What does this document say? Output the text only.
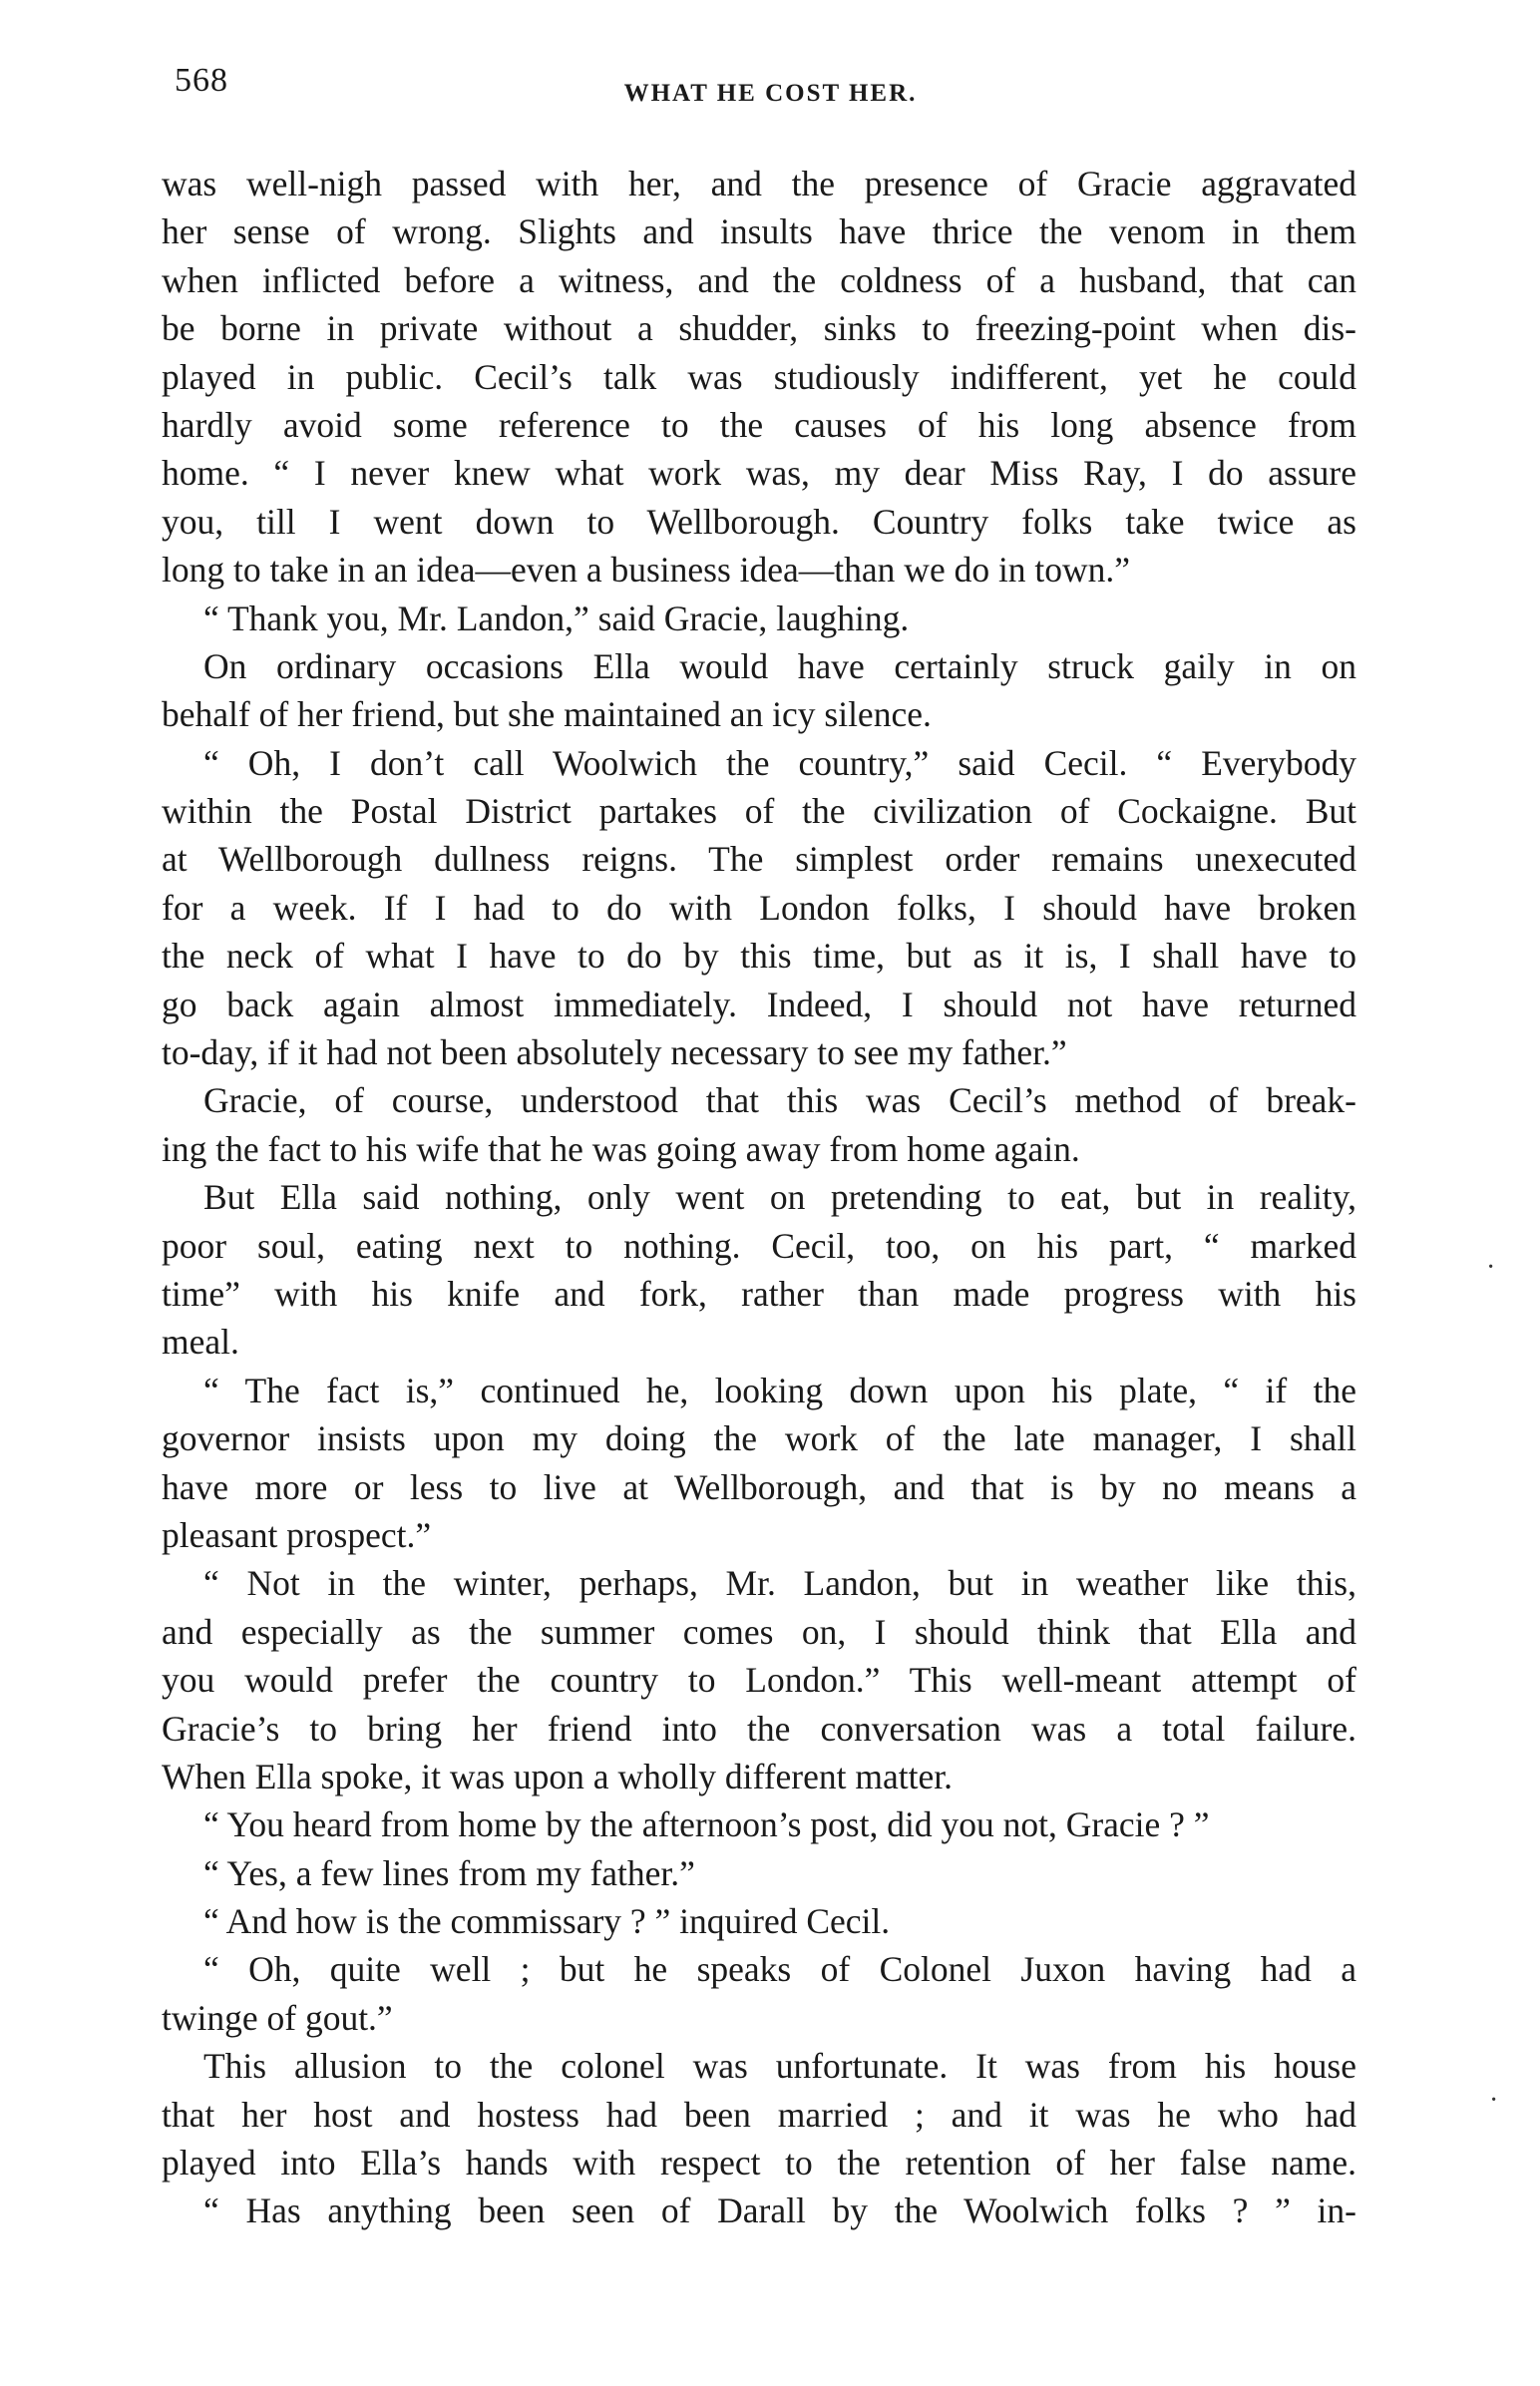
568	WHAT HE COST HER.
was well-nigh passed with her, and the presence of Gracie aggravated
her sense of wrong. Slights and insults have thrice the venom in them
when inflicted before a witness, and the coldness of a husband, that can
be borne in private without a shudder, sinks to freezing-point when dis-
played in public. Cecil’s talk was studiously indifferent, yet he could
hardly avoid some reference to the causes of his long absence from
home. “ I never knew what work was, my dear Miss Ray, I do assure
you, till I went down to Wellborough. Country folks take twice as
long to take in an idea—even a business idea—than we do in town.”
“ Thank you, Mr. Landon,” said Gracie, laughing.
On ordinary occasions Ella would have certainly struck gaily in on
behalf of her friend, but she maintained an icy silence.
“ Oh, I don’t call Woolwich the country,” said Cecil. “ Everybody
within the Postal District partakes of the civilization of Cockaigne. But
at Wellborough dullness reigns. The simplest order remains unexecuted
for a week. If I had to do with London folks, I should have broken
the neck of what I have to do by this time, but as it is, I shall have to
go back again almost immediately. Indeed, I should not have returned
to-day, if it had not been absolutely necessary to see my father.”
Gracie, of course, understood that this was Cecil’s method of break-
ing the fact to his wife that he was going away from home again.
But Ella said nothing, only went on pretending to eat, but in reality,
poor soul, eating next to nothing. Cecil, too, on his part, “ marked
time” with his knife and fork, rather than made progress with his
meal.
“ The fact is,” continued he, looking down upon his plate, “ if the
governor insists upon my doing the work of the late manager, I shall
have more or less to live at Wellborough, and that is by no means a
pleasant prospect.”
“ Not in the winter, perhaps, Mr. Landon, but in weather like this,
and especially as the summer comes on, I should think that Ella and
you would prefer the country to London.” This well-meant attempt of
Gracie’s to bring her friend into the conversation was a total failure.
When Ella spoke, it was upon a wholly different matter.
“ You heard from home by the afternoon’s post, did you not, Gracie ? ”
“ Yes, a few lines from my father.”
“ And how is the commissary ? ” inquired Cecil.
“ Oh, quite well ; but he speaks of Colonel Juxon having had a
twinge of gout.”
This allusion to the colonel was unfortunate. It was from his house
that her host and hostess had been married ; and it was he who had
played into Ella’s hands with respect to the retention of her false name.
“ Has anything been seen of Darall by the Woolwich folks ? ” in-
·
·
